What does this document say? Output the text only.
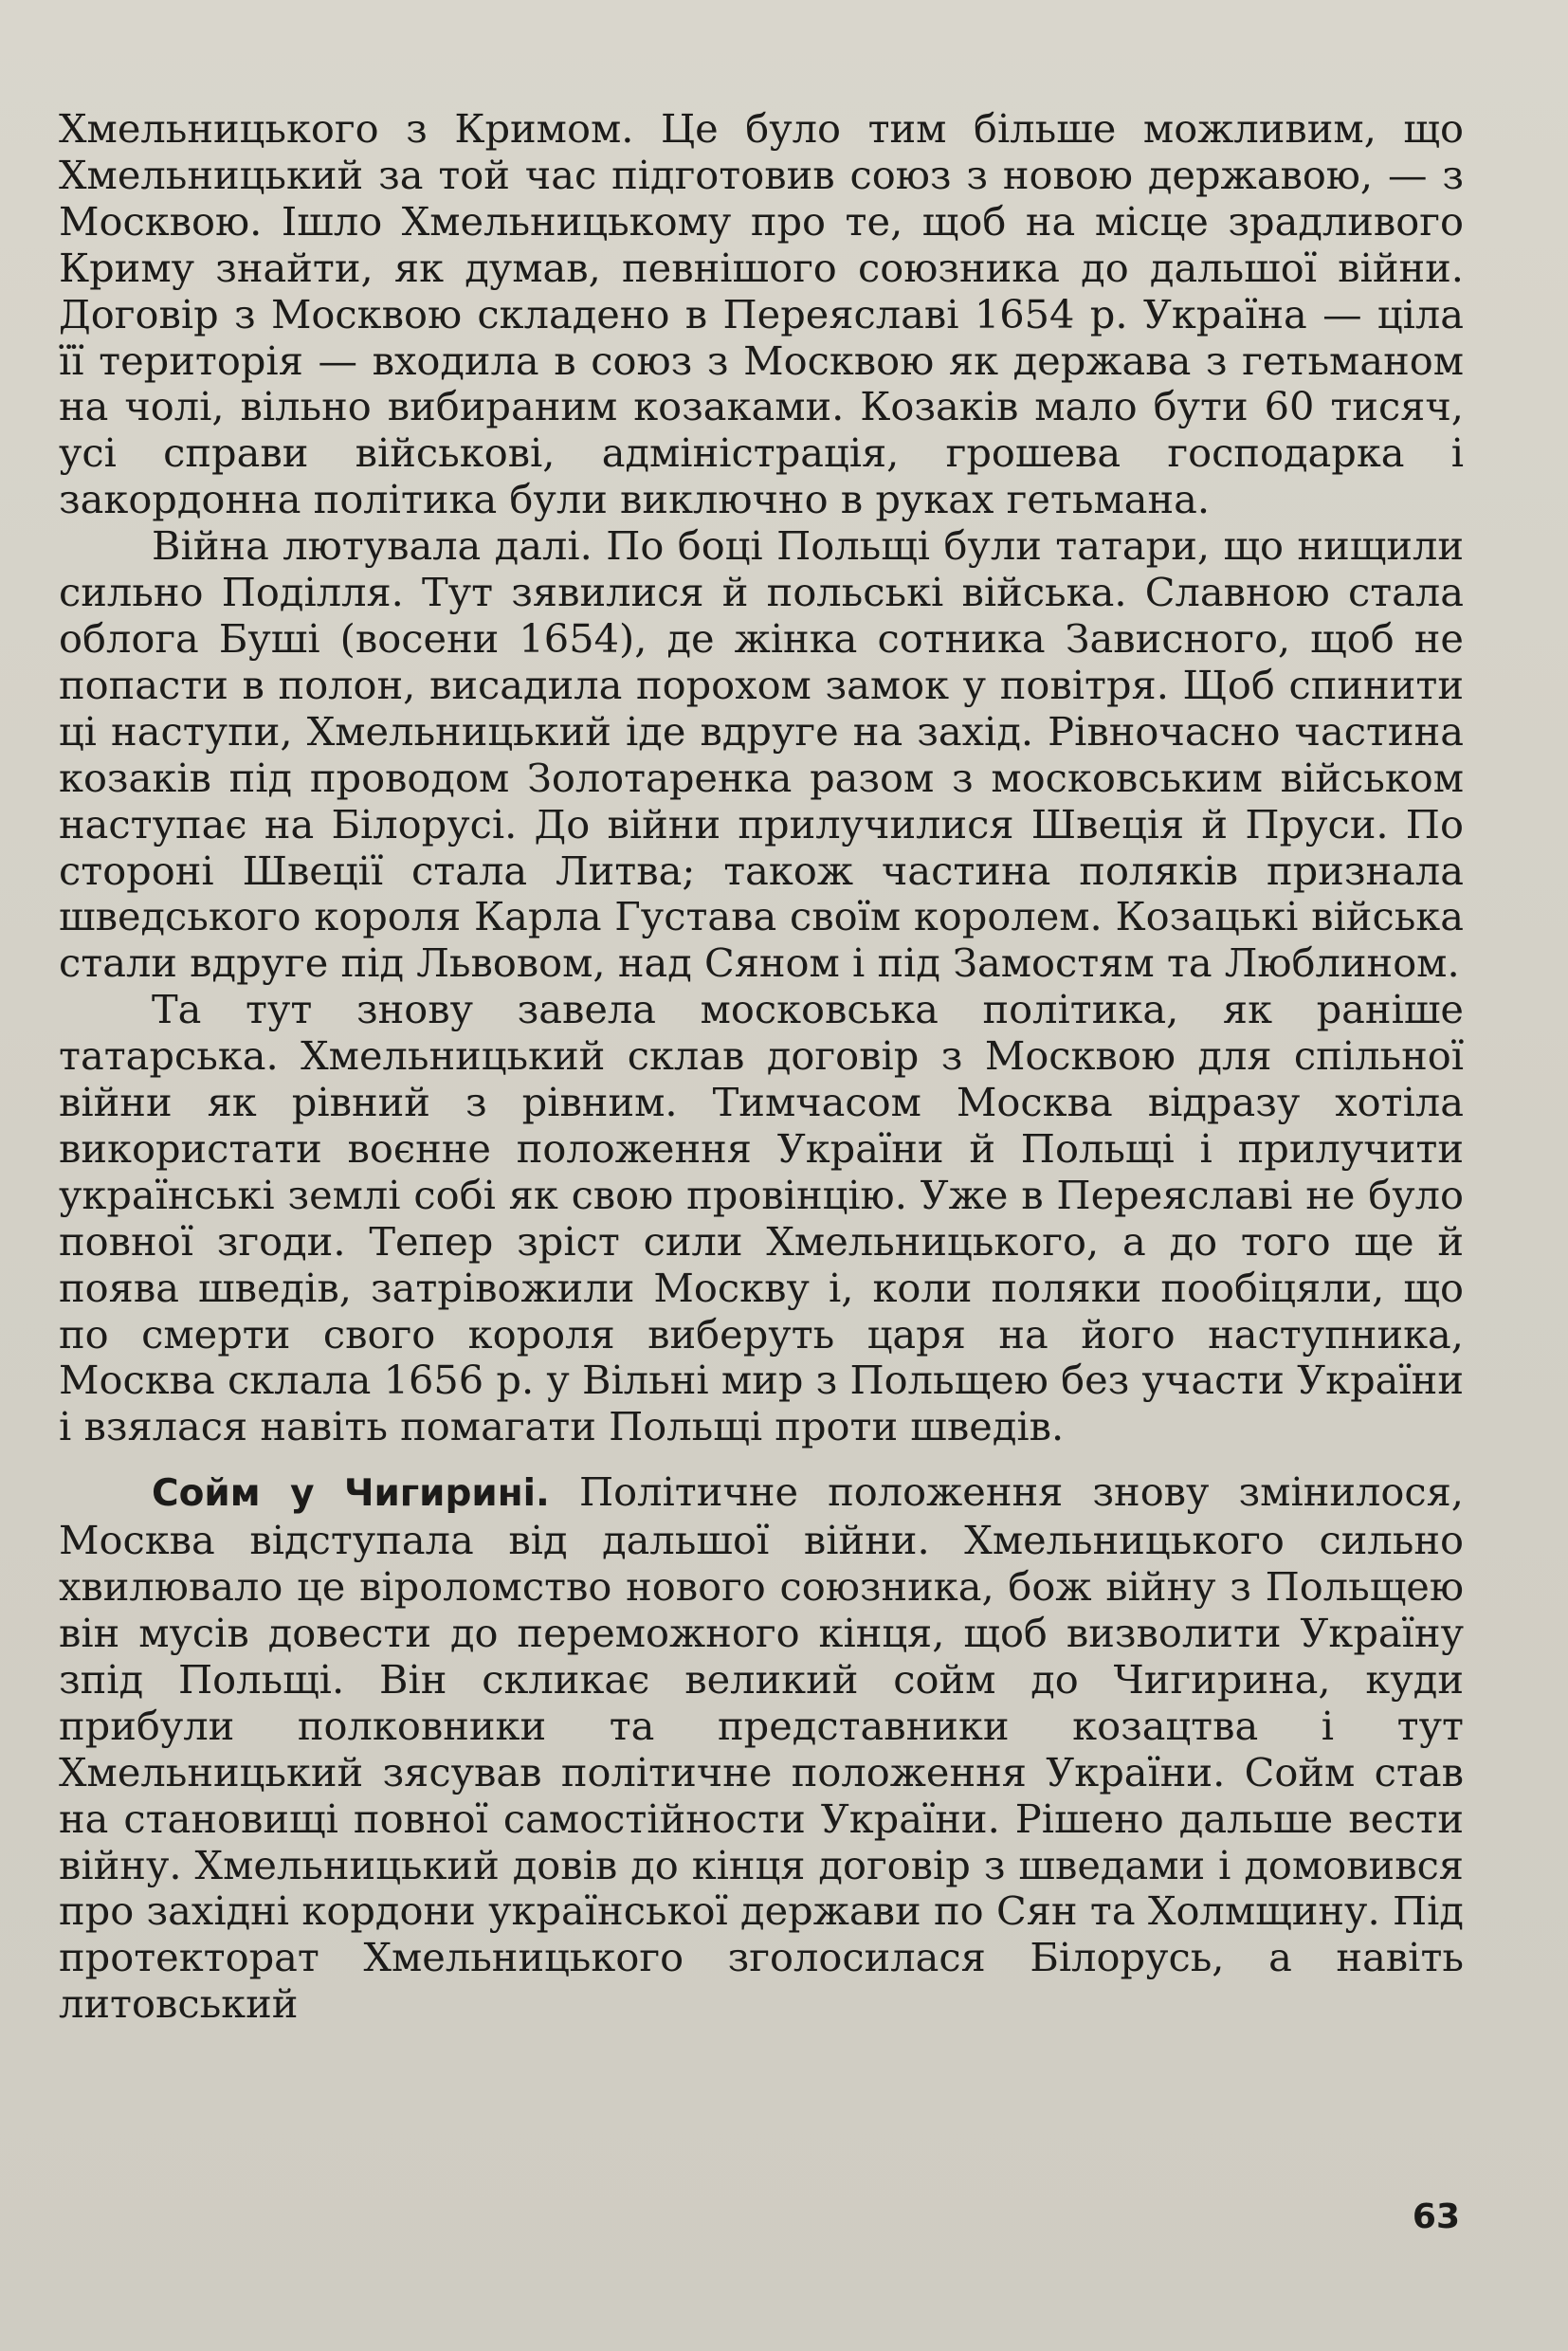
Хмельницького з Кримом. Це було тим більше можливим, що Хмельницький за той час підготовив союз з новою державою, — з Москвою. Ішло Хмельницькому про те, щоб на місце зрадливого Криму знайти, як думав, певнішого союзника до дальшої війни. Договір з Москвою складено в Переяславі 1654 р. Україна — ціла її територія — входила в союз з Москвою як держава з гетьманом на чолі, вільно вибираним козаками. Козаків мало бути 60 тисяч, усі справи військові, адміністрація, грошева господарка і закордонна політика були виключно в руках гетьмана.

Війна лютувала далі. По боці Польщі були татари, що нищили сильно Поділля. Тут зявилися й польські війська. Славною стала облога Буші (восени 1654), де жінка сотника Зависного, щоб не попасти в полон, висадила порохом замок у повітря. Щоб спинити ці наступи, Хмельницький іде вдруге на захід. Рівночасно частина козаків під проводом Золотаренка разом з московським військом наступає на Білорусі. До війни прилучилися Швеція й Пруси. По стороні Швеції стала Литва; також частина поляків признала шведського короля Карла Густава своїм королем. Козацькі війська стали вдруге під Львовом, над Сяном і під Замостям та Люблином.

Та тут знову завела московська політика, як раніше татарська. Хмельницький склав договір з Москвою для спільної війни як рівний з рівним. Тимчасом Москва відразу хотіла використати воєнне положення України й Польщі і прилучити українські землі собі як свою провінцію. Уже в Переяславі не було повної згоди. Тепер зріст сили Хмельницького, а до того ще й поява шведів, затрівожили Москву і, коли поляки пообіцяли, що по смерти свого короля виберуть царя на його наступника, Москва склала 1656 р. у Вільні мир з Польщею без участи України і взялася навіть помагати Польщі проти шведів.

Сойм у Чигирині. Політичне положення знову змінилося, Москва відступала від дальшої війни. Хмельницького сильно хвилювало це віроломство нового союзника, бож війну з Польщею він мусів довести до переможного кінця, щоб визволити Україну зпід Польщі. Він скликає великий сойм до Чигирина, куди прибули полковники та представники козацтва і тут Хмельницький зясував політичне положення України. Сойм став на становищі повної самостійности України. Рішено дальше вести війну. Хмельницький довів до кінця договір з шведами і домовився про західні кордони української держави по Сян та Холмщину. Під протекторат Хмельницького зголосилася Білорусь, а навіть литовський

63
